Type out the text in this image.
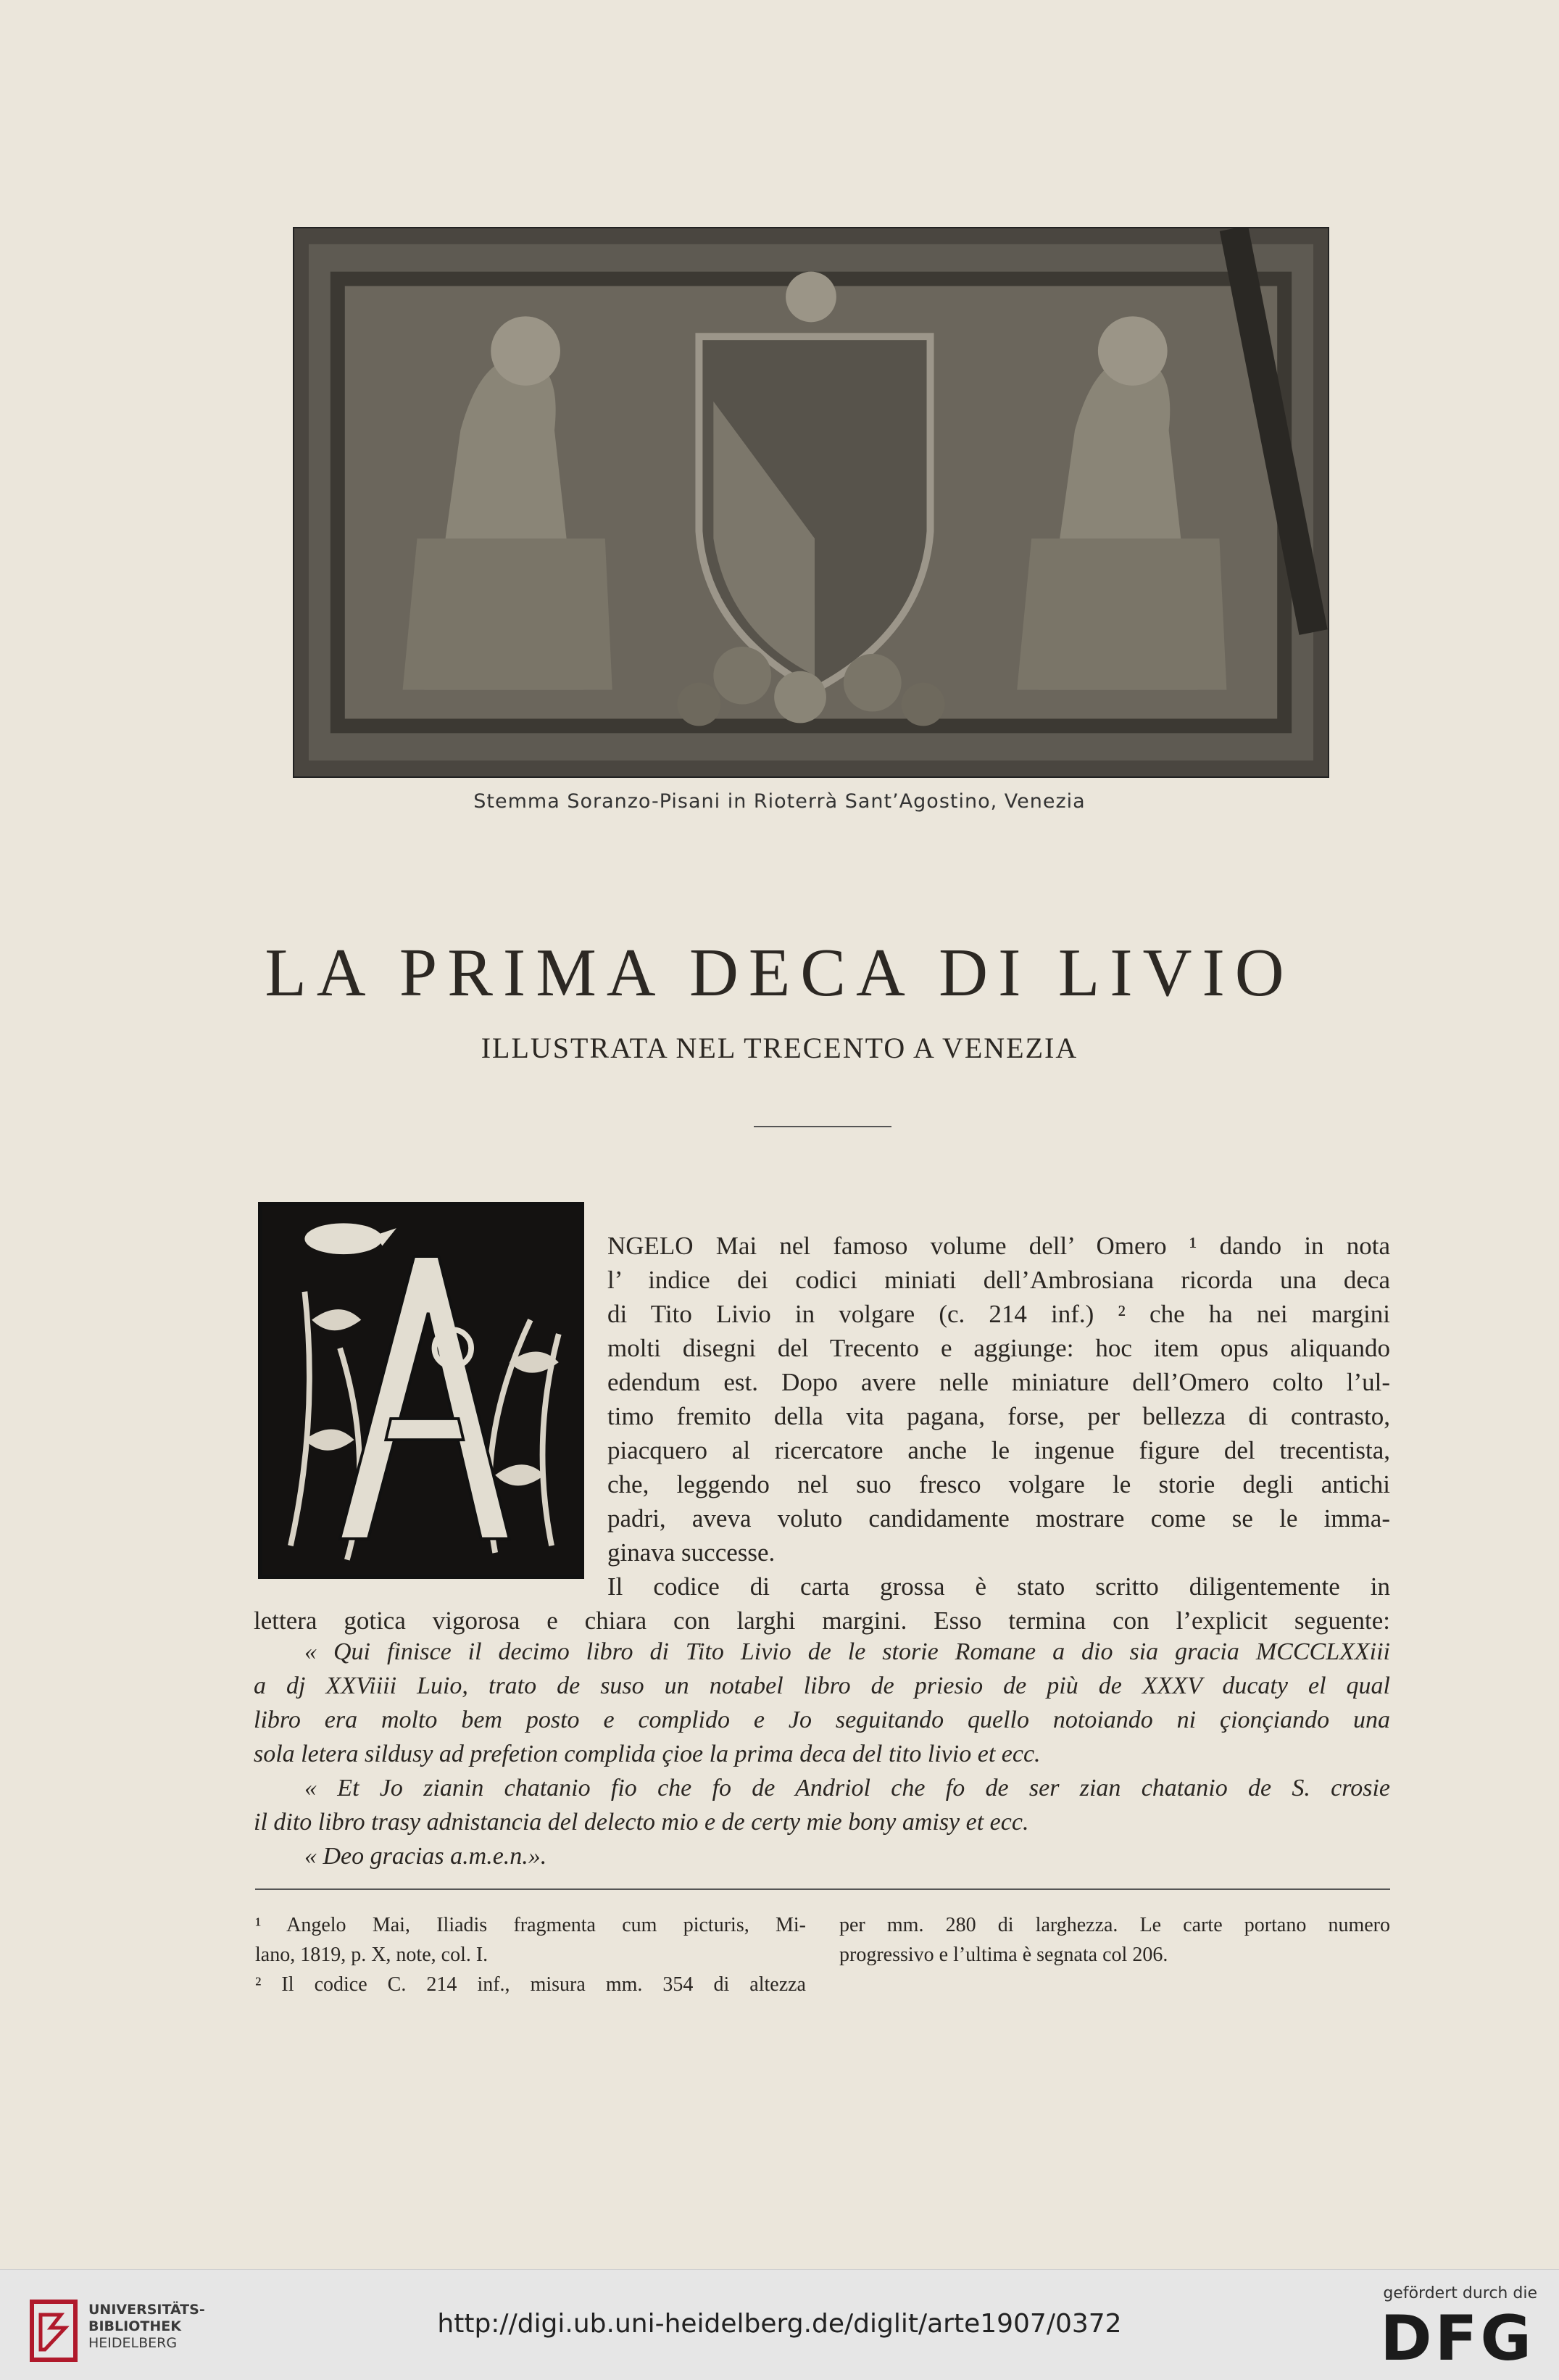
Stemma Soranzo-Pisani in Rioterrà Sant’Agostino, Venezia
LA PRIMA DECA DI LIVIO
ILLUSTRATA NEL TRECENTO A VENEZIA
NGELO Mai nel famoso volume dell’ Omero ¹ dando in nota
l’ indice dei codici miniati dell’Ambrosiana ricorda una deca
di Tito Livio in volgare (c. 214 inf.) ² che ha nei margini
molti disegni del Trecento e aggiunge: hoc item opus aliquando
edendum est. Dopo avere nelle miniature dell’Omero colto l’ul-
timo fremito della vita pagana, forse, per bellezza di contrasto,
piacquero al ricercatore anche le ingenue figure del trecentista,
che, leggendo nel suo fresco volgare le storie degli antichi
padri, aveva voluto candidamente mostrare come se le imma-
ginava successe.
Il codice di carta grossa è stato scritto diligentemente in
lettera gotica vigorosa e chiara con larghi margini. Esso termina con l’explicit seguente:
« Qui finisce il decimo libro di Tito Livio de le storie Romane a dio sia gracia MCCCLXXiii
a dj XXViiii Luio, trato de suso un notabel libro de priesio de più de XXXV ducaty el qual
libro era molto bem posto e complido e Jo seguitando quello notoiando ni çionçiando una
sola letera sildusy ad prefetion complida çioe la prima deca del tito livio et ecc.
« Et Jo zianin chatanio fio che fo de Andriol che fo de ser zian chatanio de S. crosie
il dito libro trasy adnistancia del delecto mio e de certy mie bony amisy et ecc.
« Deo gracias a.m.e.n.».
¹ Angelo Mai, Iliadis fragmenta cum picturis, Mi-
lano, 1819, p. X, note, col. I.
² Il codice C. 214 inf., misura mm. 354 di altezza
per mm. 280 di larghezza. Le carte portano numero
progressivo e l’ultima è segnata col 206.
UNIVERSITÄTS-
BIBLIOTHEK
HEIDELBERG
http://digi.ub.uni-heidelberg.de/diglit/arte1907/0372
gefördert durch die
DFG
